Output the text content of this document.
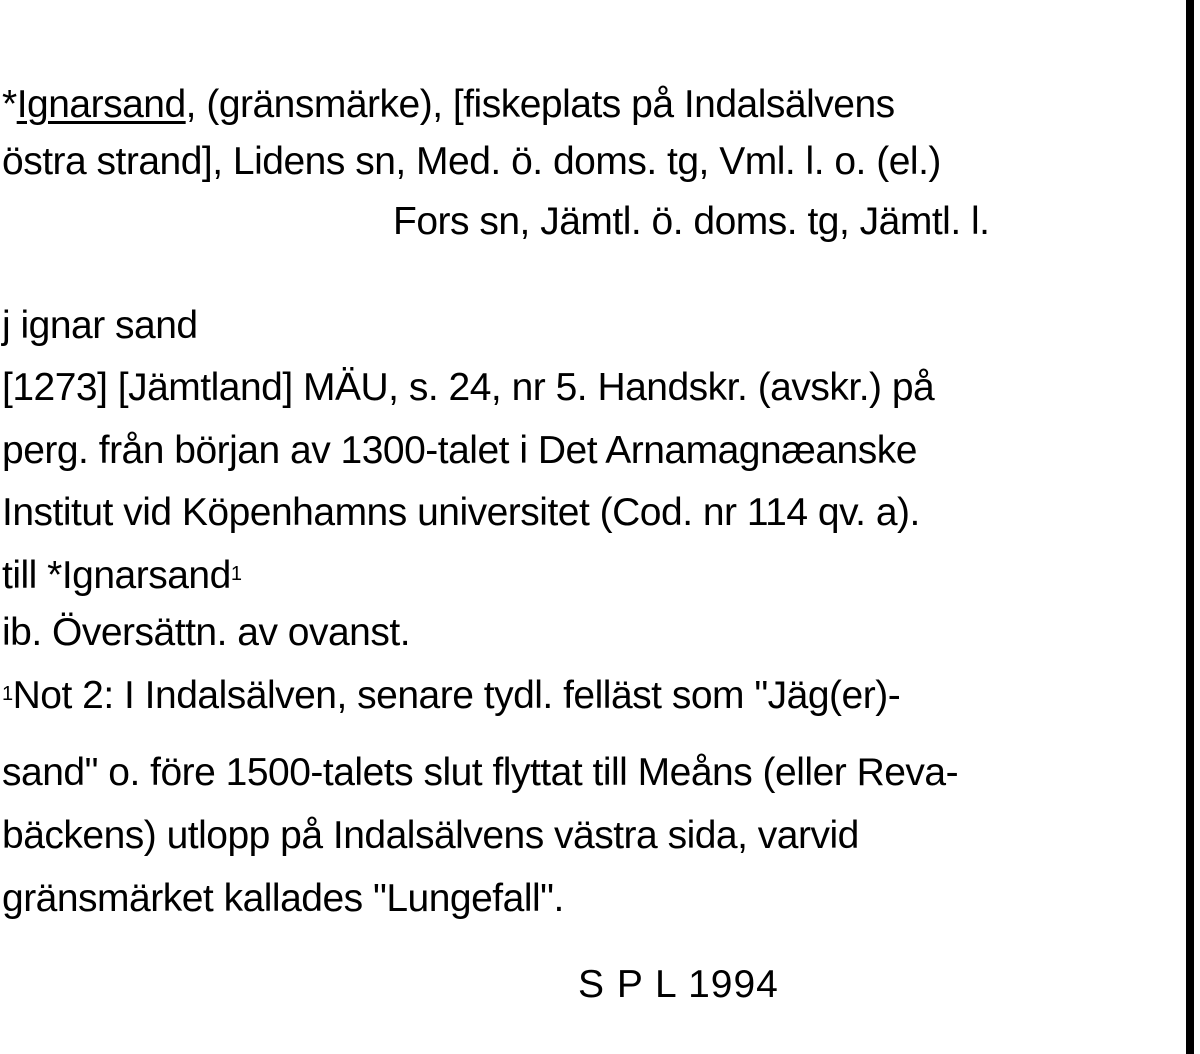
*Ignarsand, (gränsmärke), [fiskeplats på Indalsälvens
östra strand], Lidens sn, Med. ö. doms. tg, Vml. l. o. (el.)
Fors sn, Jämtl. ö. doms. tg, Jämtl. l.
j ignar sand
[1273] [Jämtland] MÄU, s. 24, nr 5. Handskr. (avskr.) på
perg. från början av 1300-talet i Det Arnamagnæanske
Institut vid Köpenhamns universitet (Cod. nr 114 qv. a).
till *Ignarsand$^1$
ib. Översättn. av ovanst.
$^1$Not 2: I Indalsälven, senare tydl. felläst som "Jäg(er)-
sand" o. före 1500-talets slut flyttat till Meåns (eller Reva-
bäckens) utlopp på Indalsälvens västra sida, varvid
gränsmärket kallades "Lungefall".
S P L 1994
